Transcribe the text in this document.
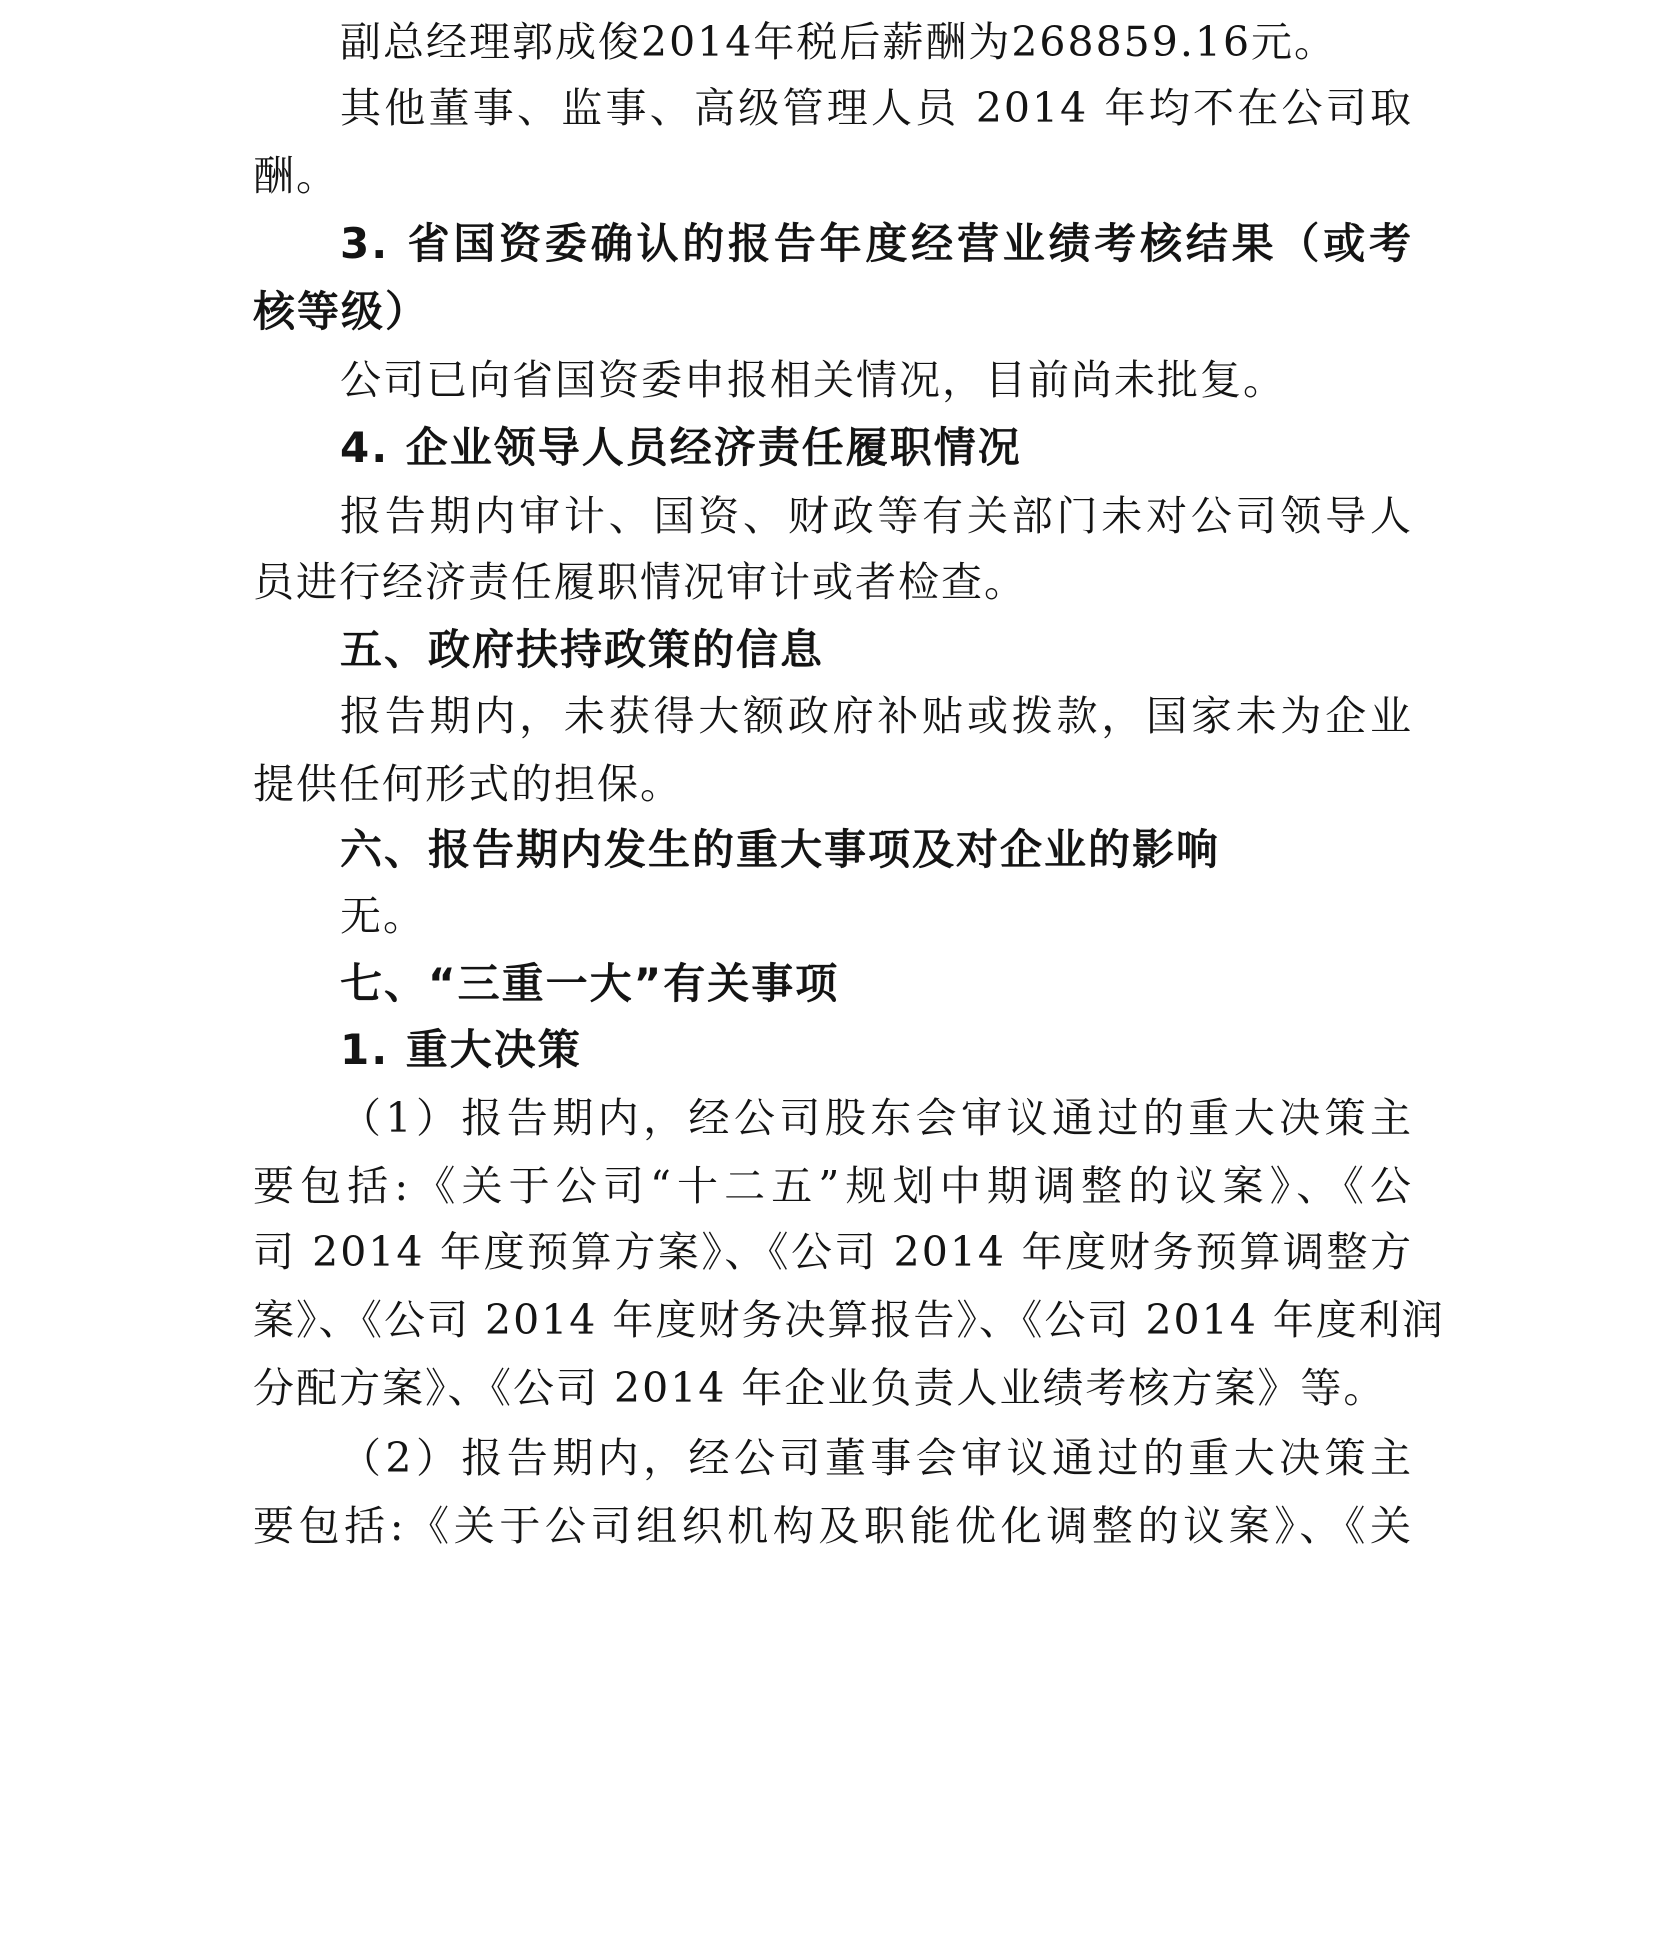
副总经理郭成俊2014年税后薪酬为268859.16元。
其他董事、监事、高级管理人员 2014 年均不在公司取
酬。
3. 省国资委确认的报告年度经营业绩考核结果（或考
核等级）
公司已向省国资委申报相关情况，目前尚未批复。
4. 企业领导人员经济责任履职情况
报告期内审计、国资、财政等有关部门未对公司领导人
员进行经济责任履职情况审计或者检查。
五、政府扶持政策的信息
报告期内，未获得大额政府补贴或拨款，国家未为企业
提供任何形式的担保。
六、报告期内发生的重大事项及对企业的影响
无。
七、“三重一大”有关事项
1. 重大决策
（1）报告期内，经公司股东会审议通过的重大决策主
要包括:《关于公司“十二五”规划中期调整的议案》、《公
司 2014 年度预算方案》、《公司 2014 年度财务预算调整方
案》、《公司 2014 年度财务决算报告》、《公司 2014 年度利润
分配方案》、《公司 2014 年企业负责人业绩考核方案》等。
（2）报告期内，经公司董事会审议通过的重大决策主
要包括:《关于公司组织机构及职能优化调整的议案》、《关
